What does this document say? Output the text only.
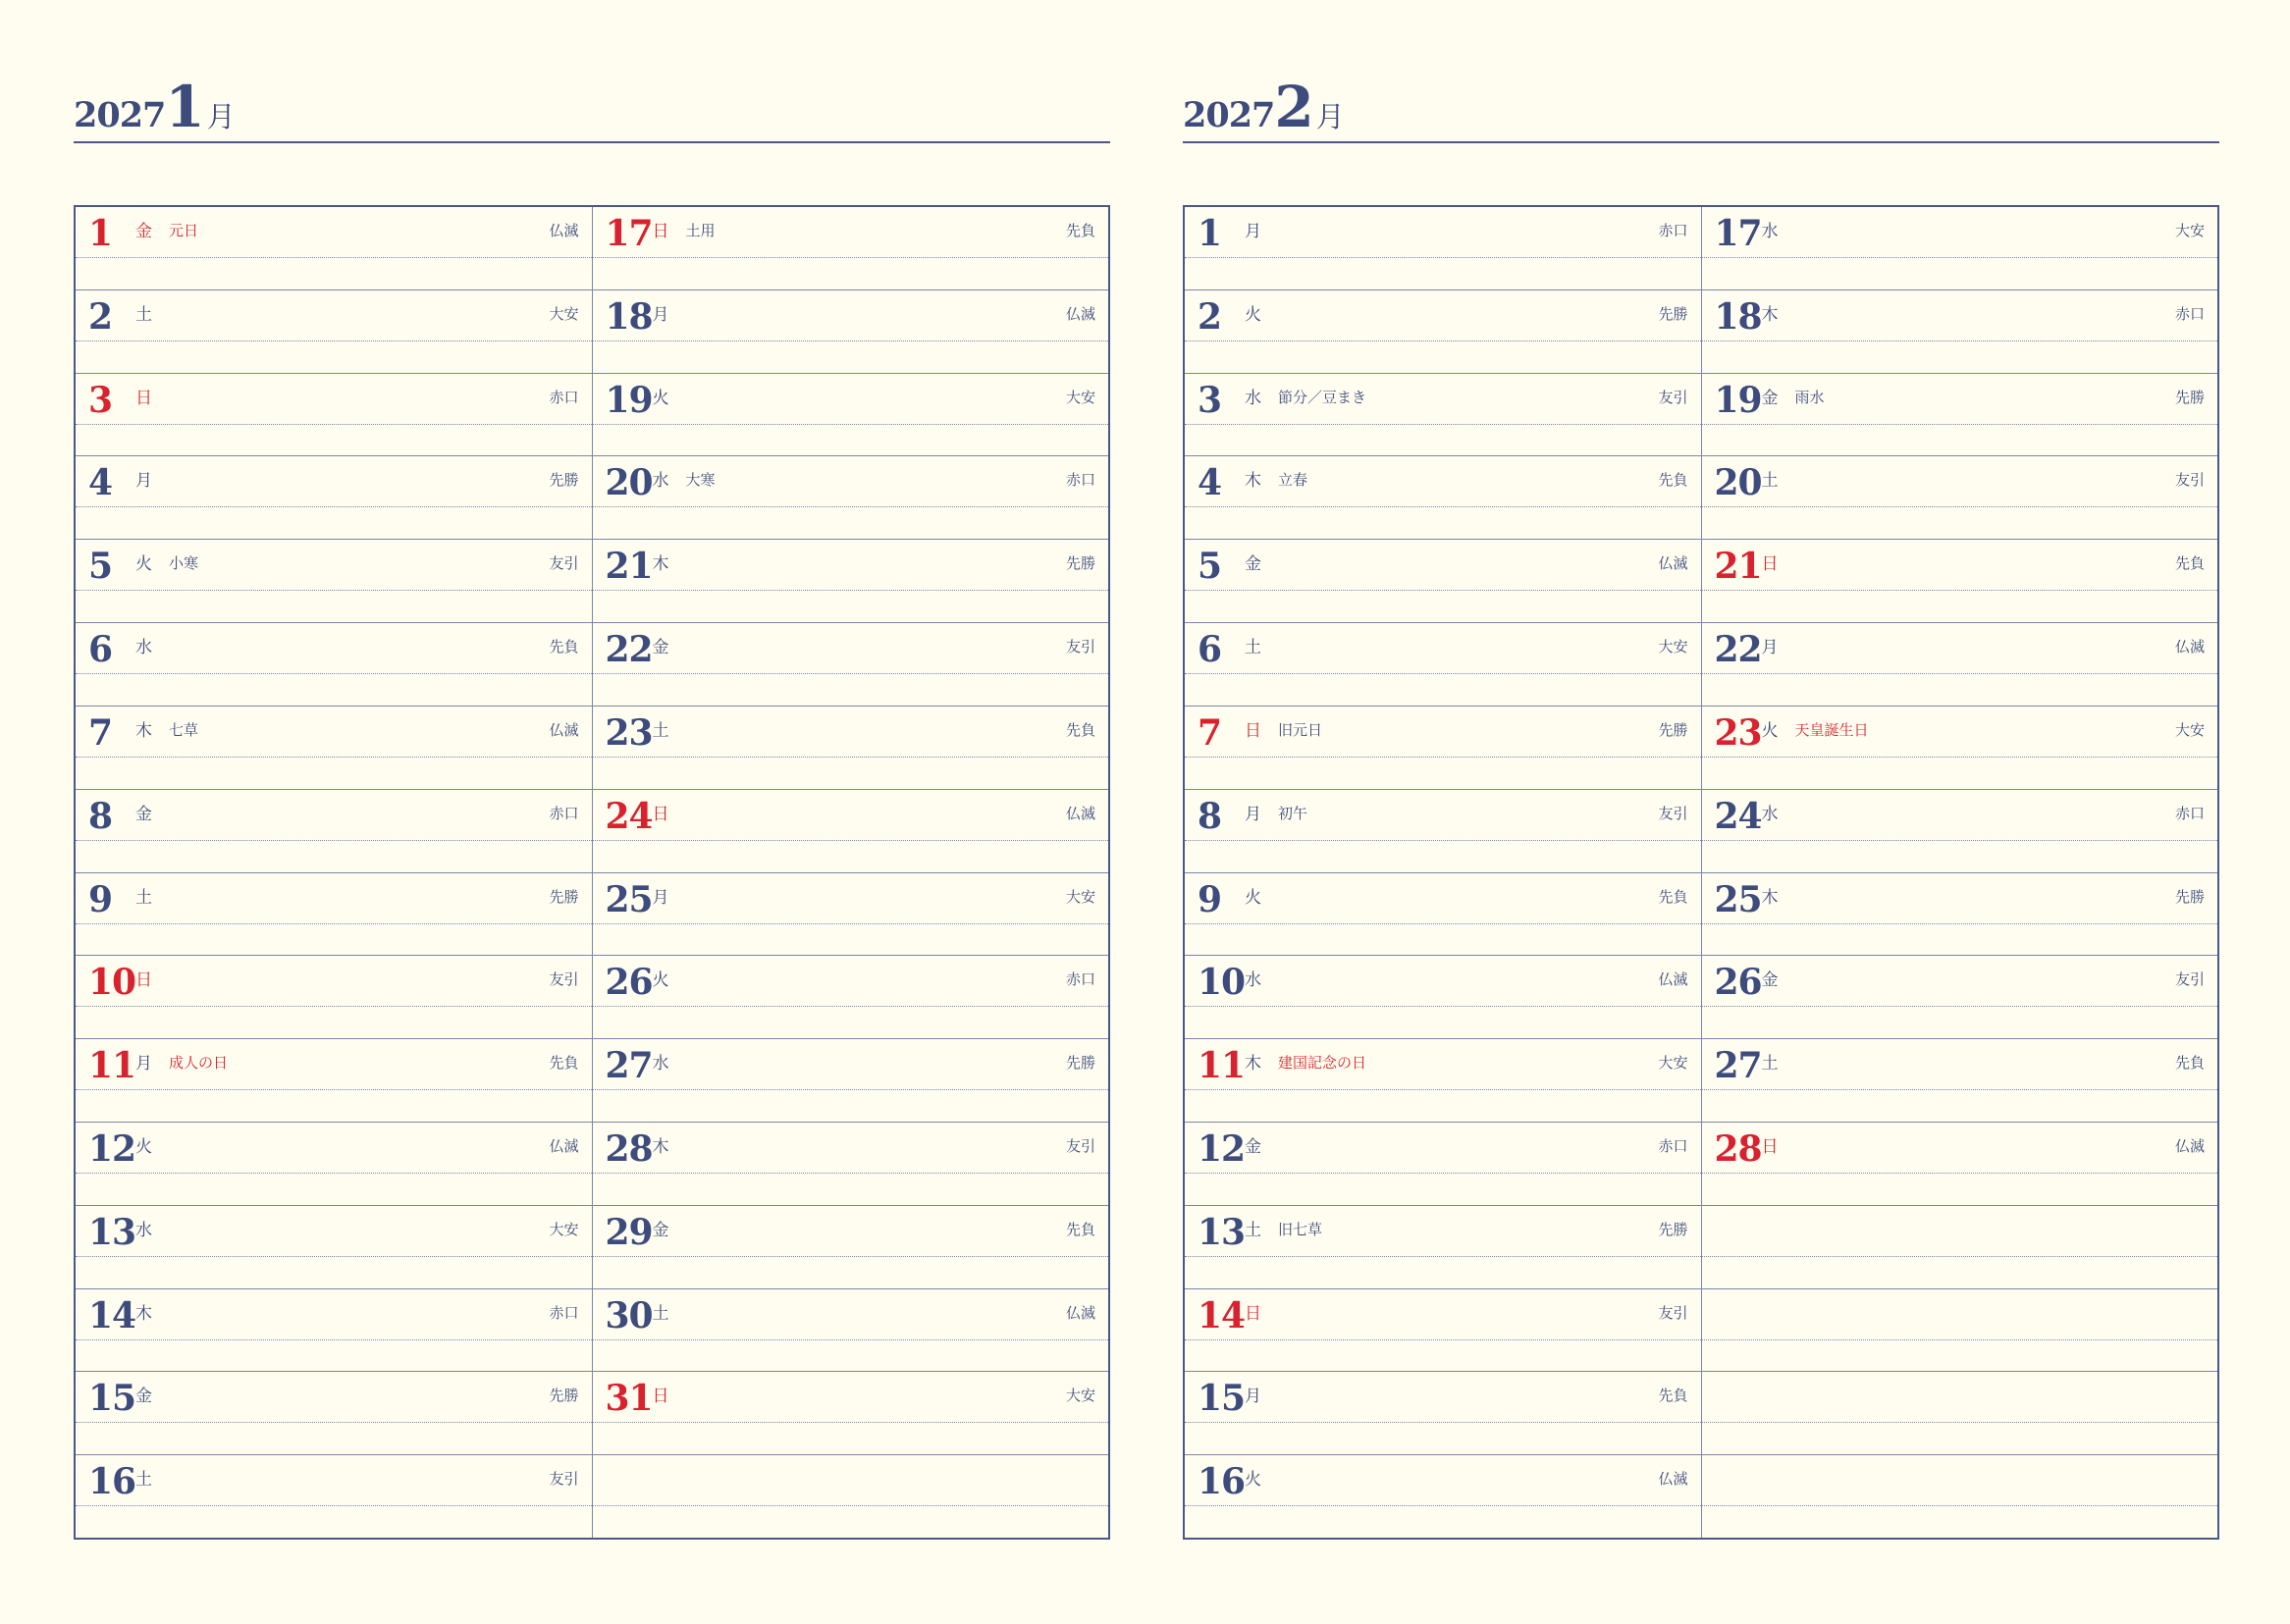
20271月
1 金 元日	仏滅
2 土	大安
3 日	赤口
4 月	先勝
5 火 小寒	友引
6 水	先負
7 木 七草	仏滅
8 金	赤口
9 土	先勝
10 日	友引
11 月 成人の日	先負
12 火	仏滅
13 水	大安
14 木	赤口
15 金	先勝
16 土	友引
17 日 土用	先負
18 月	仏滅
19 火	大安
20 水 大寒	赤口
21 木	先勝
22 金	友引
23 土	先負
24 日	仏滅
25 月	大安
26 火	赤口
27 水	先勝
28 木	友引
29 金	先負
30 土	仏滅
31 日	大安
20272月
1 月	赤口
2 火	先勝
3 水 節分／豆まき	友引
4 木 立春	先負
5 金	仏滅
6 土	大安
7 日 旧元日	先勝
8 月 初午	友引
9 火	先負
10 水	仏滅
11 木 建国記念の日	大安
12 金	赤口
13 土 旧七草	先勝
14 日	友引
15 月	先負
16 火	仏滅
17 水	大安
18 木	赤口
19 金 雨水	先勝
20 土	友引
21 日	先負
22 月	仏滅
23 火 天皇誕生日	大安
24 水	赤口
25 木	先勝
26 金	友引
27 土	先負
28 日	仏滅
